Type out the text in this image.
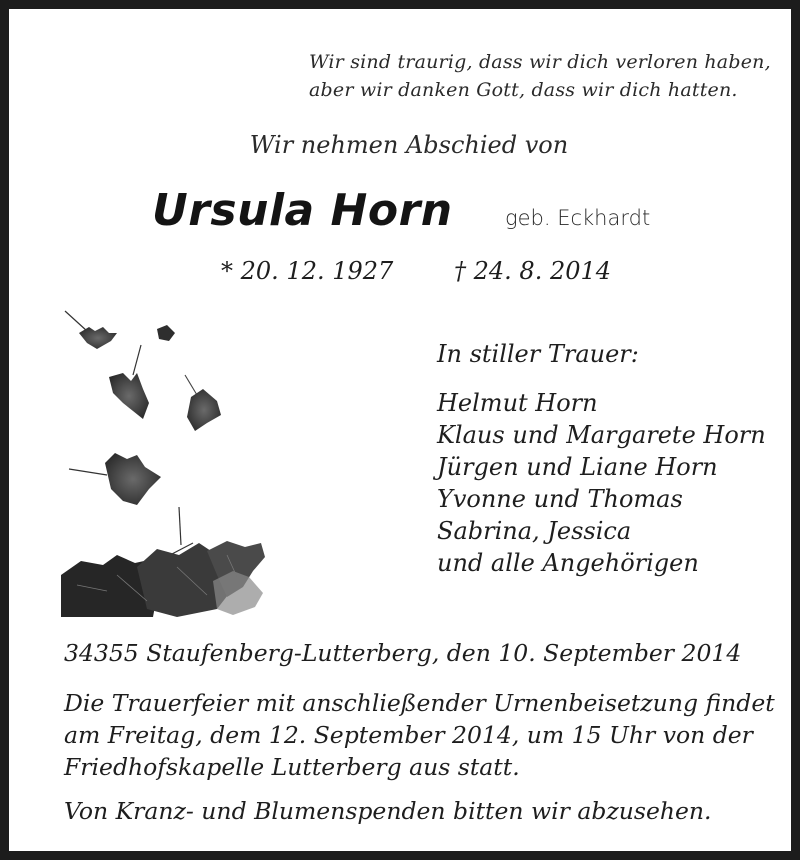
Wir sind traurig, dass wir dich verloren haben,
aber wir danken Gott, dass wir dich hatten.
Wir nehmen Abschied von
Ursula Horn geb. Eckhardt
* 20. 12. 1927	† 24. 8. 2014
In stiller Trauer:
Helmut Horn
Klaus und Margarete Horn
Jürgen und Liane Horn
Yvonne und Thomas
Sabrina, Jessica
und alle Angehörigen
34355 Staufenberg-Lutterberg, den 10. September 2014
Die Trauerfeier mit anschließender Urnenbeisetzung findet
am Freitag, dem 12. September 2014, um 15 Uhr von der
Friedhofskapelle Lutterberg aus statt.
Von Kranz- und Blumenspenden bitten wir abzusehen.
